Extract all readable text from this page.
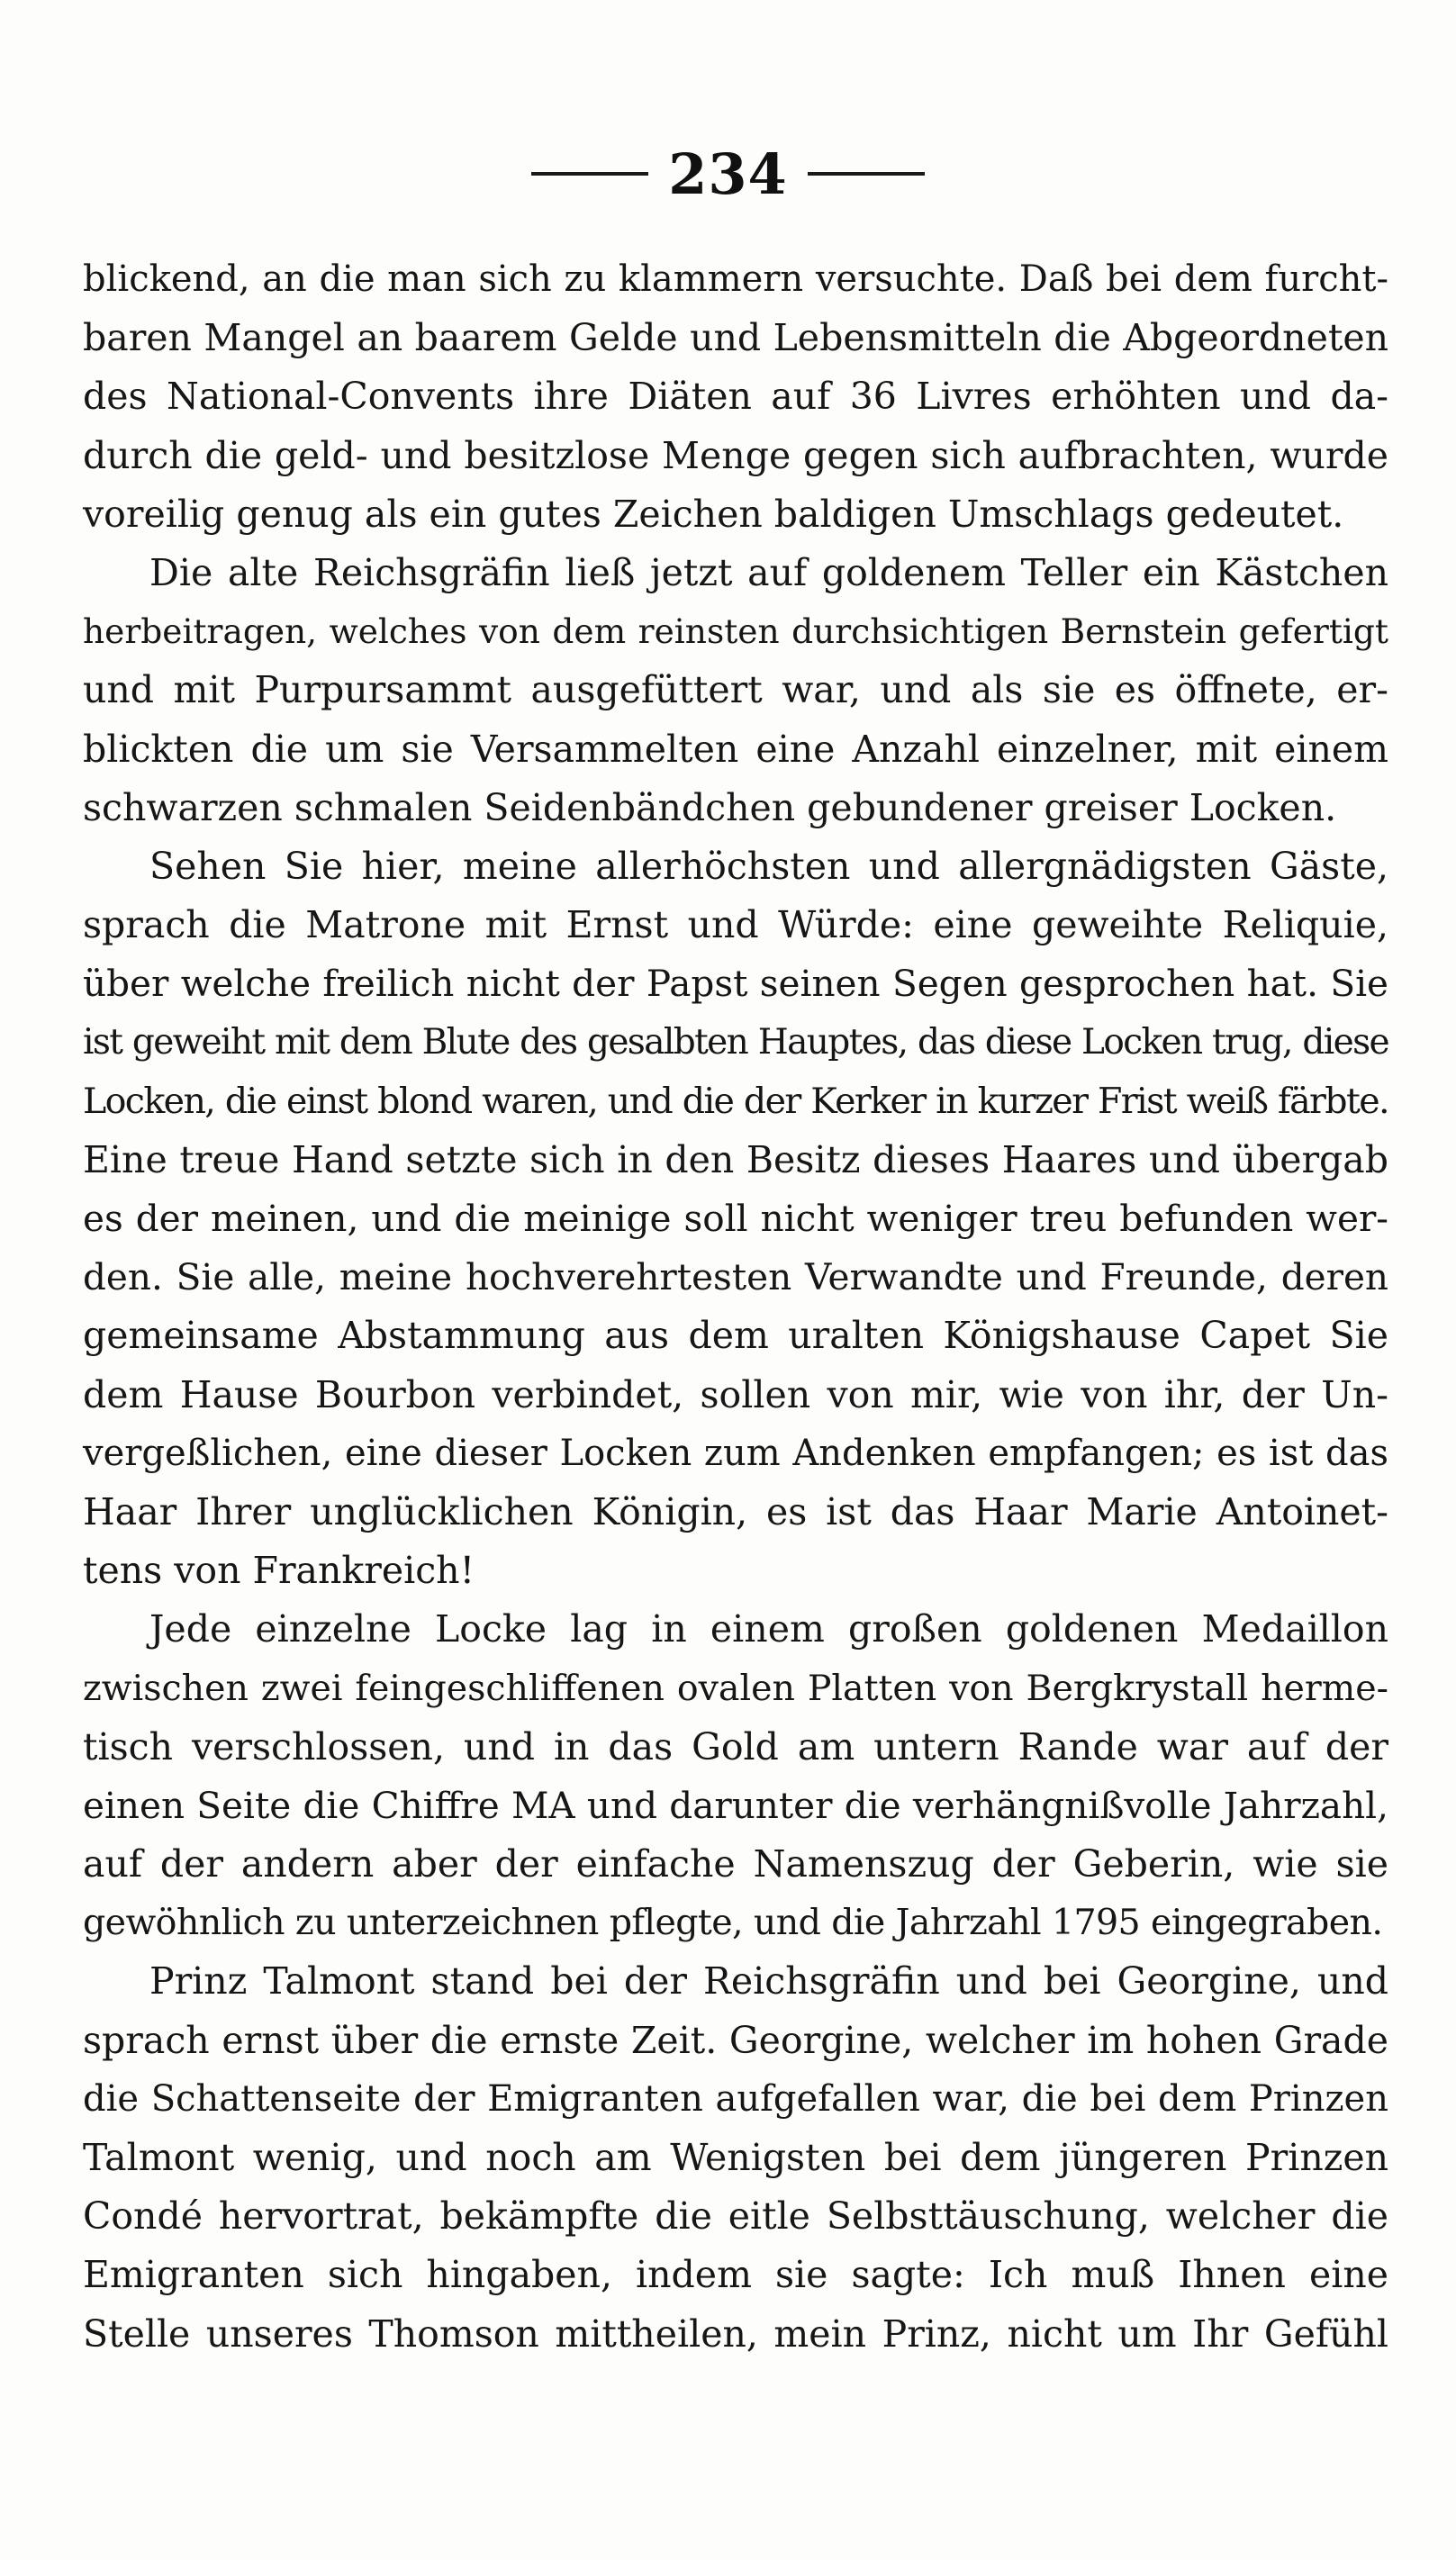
234
blickend, an die man sich zu klammern versuchte. Daß bei dem furcht-
baren Mangel an baarem Gelde und Lebensmitteln die Abgeordneten
des National-Convents ihre Diäten auf 36 Livres erhöhten und da-
durch die geld- und besitzlose Menge gegen sich aufbrachten, wurde
voreilig genug als ein gutes Zeichen baldigen Umschlags gedeutet.
Die alte Reichsgräfin ließ jetzt auf goldenem Teller ein Kästchen
herbeitragen, welches von dem reinsten durchsichtigen Bernstein gefertigt
und mit Purpursammt ausgefüttert war, und als sie es öffnete, er-
blickten die um sie Versammelten eine Anzahl einzelner, mit einem
schwarzen schmalen Seidenbändchen gebundener greiser Locken.
Sehen Sie hier, meine allerhöchsten und allergnädigsten Gäste,
sprach die Matrone mit Ernst und Würde: eine geweihte Reliquie,
über welche freilich nicht der Papst seinen Segen gesprochen hat. Sie
ist geweiht mit dem Blute des gesalbten Hauptes, das diese Locken trug, diese
Locken, die einst blond waren, und die der Kerker in kurzer Frist weiß färbte.
Eine treue Hand setzte sich in den Besitz dieses Haares und übergab
es der meinen, und die meinige soll nicht weniger treu befunden wer-
den. Sie alle, meine hochverehrtesten Verwandte und Freunde, deren
gemeinsame Abstammung aus dem uralten Königshause Capet Sie
dem Hause Bourbon verbindet, sollen von mir, wie von ihr, der Un-
vergeßlichen, eine dieser Locken zum Andenken empfangen; es ist das
Haar Ihrer unglücklichen Königin, es ist das Haar Marie Antoinet-
tens von Frankreich!
Jede einzelne Locke lag in einem großen goldenen Medaillon
zwischen zwei feingeschliffenen ovalen Platten von Bergkrystall herme-
tisch verschlossen, und in das Gold am untern Rande war auf der
einen Seite die Chiffre MA und darunter die verhängnißvolle Jahrzahl,
auf der andern aber der einfache Namenszug der Geberin, wie sie
gewöhnlich zu unterzeichnen pflegte, und die Jahrzahl 1795 eingegraben.
Prinz Talmont stand bei der Reichsgräfin und bei Georgine, und
sprach ernst über die ernste Zeit. Georgine, welcher im hohen Grade
die Schattenseite der Emigranten aufgefallen war, die bei dem Prinzen
Talmont wenig, und noch am Wenigsten bei dem jüngeren Prinzen
Condé hervortrat, bekämpfte die eitle Selbsttäuschung, welcher die
Emigranten sich hingaben, indem sie sagte: Ich muß Ihnen eine
Stelle unseres Thomson mittheilen, mein Prinz, nicht um Ihr Gefühl
